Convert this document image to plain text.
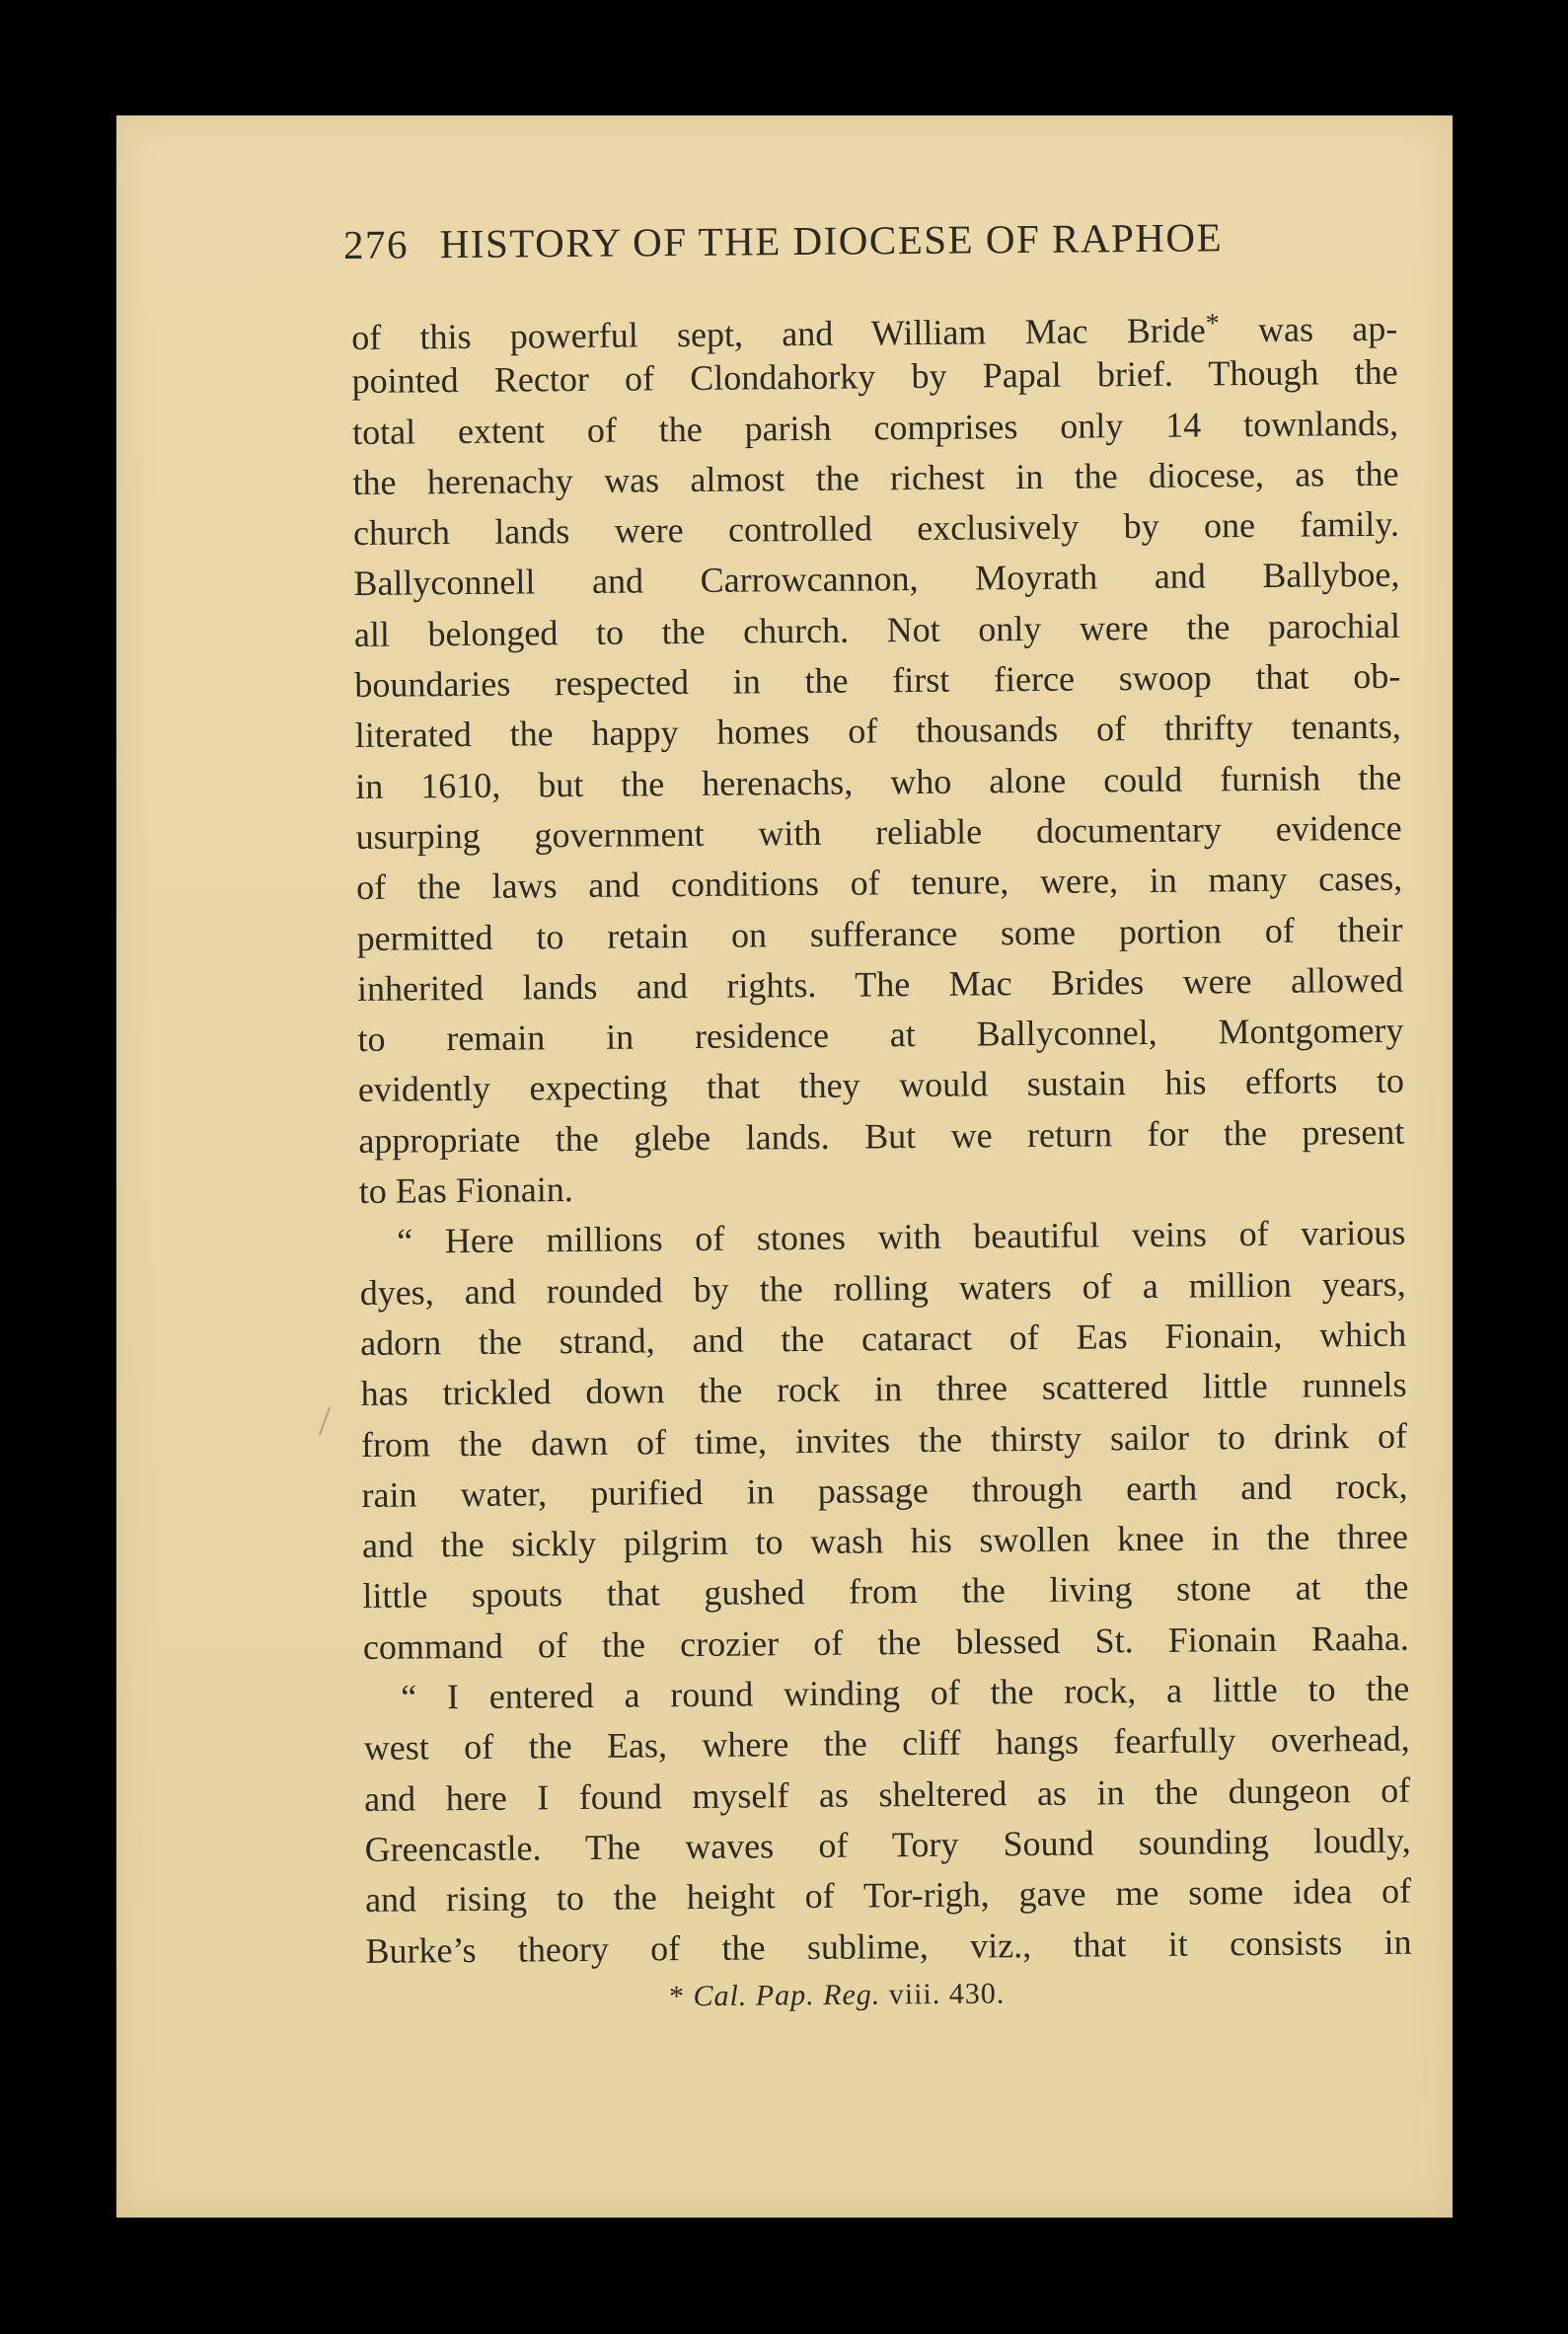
276 HISTORY OF THE DIOCESE OF RAPHOE
of this powerful sept, and William Mac Bride* was ap-
pointed Rector of Clondahorky by Papal brief. Though the
total extent of the parish comprises only 14 townlands,
the herenachy was almost the richest in the diocese, as the
church lands were controlled exclusively by one family.
Ballyconnell and Carrowcannon, Moyrath and Ballyboe,
all belonged to the church. Not only were the parochial
boundaries respected in the first fierce swoop that ob-
literated the happy homes of thousands of thrifty tenants,
in 1610, but the herenachs, who alone could furnish the
usurping government with reliable documentary evidence
of the laws and conditions of tenure, were, in many cases,
permitted to retain on sufferance some portion of their
inherited lands and rights. The Mac Brides were allowed
to remain in residence at Ballyconnel, Montgomery
evidently expecting that they would sustain his efforts to
appropriate the glebe lands. But we return for the present
to Eas Fionain.
“ Here millions of stones with beautiful veins of various
dyes, and rounded by the rolling waters of a million years,
adorn the strand, and the cataract of Eas Fionain, which
has trickled down the rock in three scattered little runnels
from the dawn of time, invites the thirsty sailor to drink of
rain water, purified in passage through earth and rock,
and the sickly pilgrim to wash his swollen knee in the three
little spouts that gushed from the living stone at the
command of the crozier of the blessed St. Fionain Raaha.
“ I entered a round winding of the rock, a little to the
west of the Eas, where the cliff hangs fearfully overhead,
and here I found myself as sheltered as in the dungeon of
Greencastle. The waves of Tory Sound sounding loudly,
and rising to the height of Tor-righ, gave me some idea of
Burke’s theory of the sublime, viz., that it consists in
* Cal. Pap. Reg. viii. 430.
